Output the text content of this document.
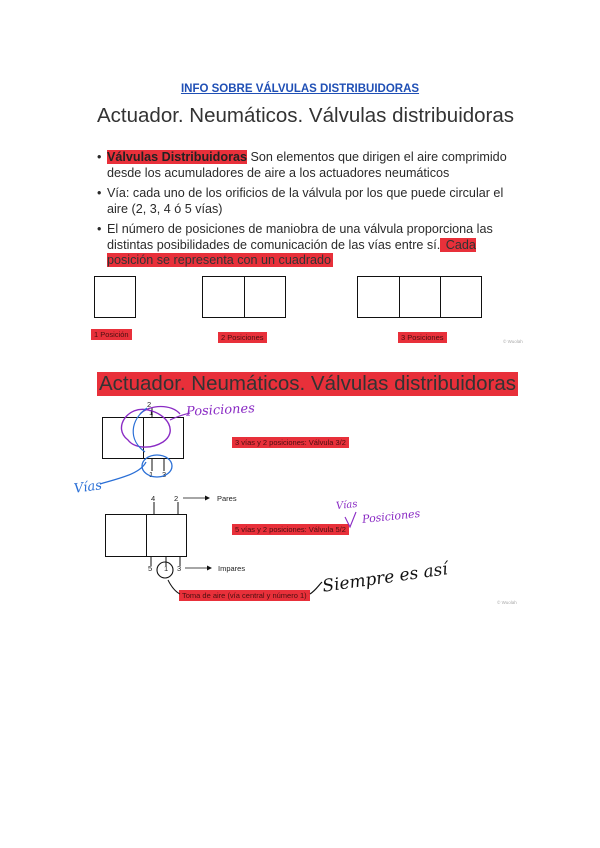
INFO SOBRE VÁLVULAS DISTRIBUIDORAS
Actuador. Neumáticos. Válvulas distribuidoras
• Válvulas Distribuidoras Son elementos que dirigen el aire comprimido desde los acumuladores de aire a los actuadores neumáticos
• Vía: cada uno de los orificios de la válvula por los que puede circular el aire (2, 3, 4 ó 5 vías)
• El número de posiciones de maniobra de una válvula proporciona las distintas posibilidades de comunicación de las vías entre sí. Cada posición se representa con un cuadrado
1 Posición	2 Posiciones	3 Posiciones	© Wuolah
Actuador. Neumáticos. Válvulas distribuidoras
2
1
1 3
3 vías y 2 posiciones: Válvula 3/2
4	2	Pares
5 vías y 2 posiciones: Válvula 5/2
5 1 3	Impares
Toma de aire (vía central y número 1)
© Wuolah
Posiciones
Vías
Vías
Posiciones
Siempre es así
